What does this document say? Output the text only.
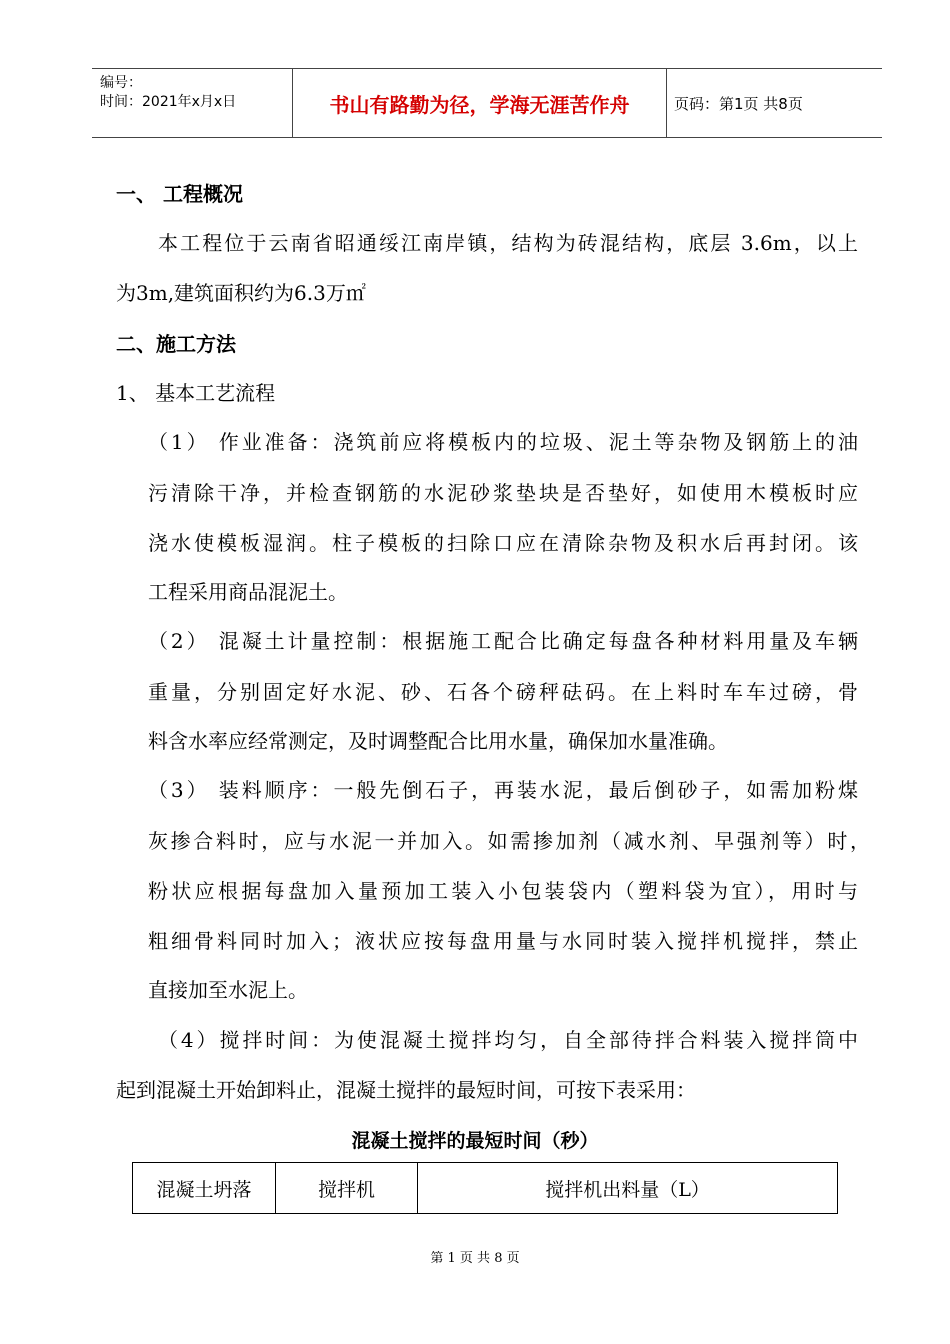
编号：
时间：2021年x月x日	书山有路勤为径，学海无涯苦作舟	页码：第1页 共8页
一、 工程概况
本工程位于云南省昭通绥江南岸镇，结构为砖混结构，底层 3.6m，以上
为3m,建筑面积约为6.3万㎡
二、施工方法
1、 基本工艺流程
（1） 作业准备：浇筑前应将模板内的垃圾、泥土等杂物及钢筋上的油
污清除干净，并检查钢筋的水泥砂浆垫块是否垫好，如使用木模板时应
浇水使模板湿润。柱子模板的扫除口应在清除杂物及积水后再封闭。该
工程采用商品混泥土。
（2） 混凝土计量控制：根据施工配合比确定每盘各种材料用量及车辆
重量，分别固定好水泥、砂、石各个磅秤砝码。在上料时车车过磅，骨
料含水率应经常测定，及时调整配合比用水量，确保加水量准确。
（3） 装料顺序：一般先倒石子，再装水泥，最后倒砂子，如需加粉煤
灰掺合料时，应与水泥一并加入。如需掺加剂（减水剂、早强剂等）时，
粉状应根据每盘加入量预加工装入小包装袋内（塑料袋为宜），用时与
粗细骨料同时加入；液状应按每盘用量与水同时装入搅拌机搅拌，禁止
直接加至水泥上。
（4）搅拌时间：为使混凝土搅拌均匀，自全部待拌合料装入搅拌筒中
起到混凝土开始卸料止，混凝土搅拌的最短时间，可按下表采用：
混凝土搅拌的最短时间（秒）
混凝土坍落	搅拌机	搅拌机出料量（L）
第 1 页 共 8 页
